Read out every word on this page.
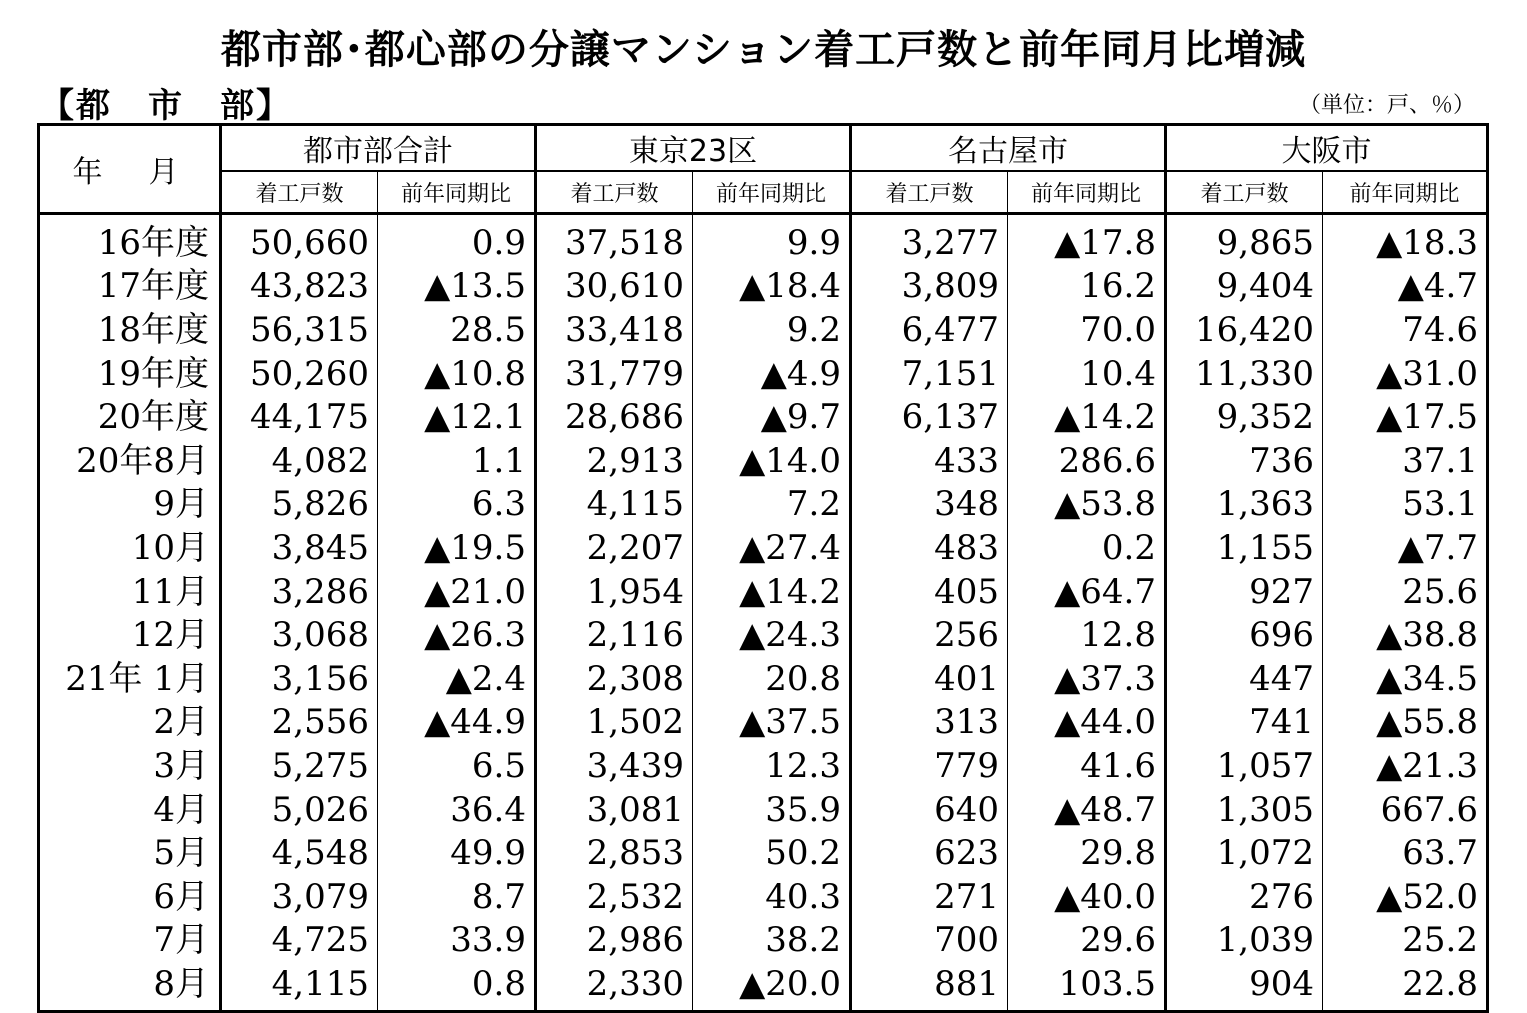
都市部･都心部の分譲マンション着工戸数と前年同月比増減
【都　市　部】	（単位：戸、％）
年　月	都市部合計		東京23区		名古屋市		大阪市	
	着工戸数	前年同期比	着工戸数	前年同期比	着工戸数	前年同期比	着工戸数	前年同期比
16年度	50,660	0.9	37,518	9.9	3,277	▲17.8	9,865	▲18.3
17年度	43,823	▲13.5	30,610	▲18.4	3,809	16.2	9,404	▲4.7
18年度	56,315	28.5	33,418	9.2	6,477	70.0	16,420	74.6
19年度	50,260	▲10.8	31,779	▲4.9	7,151	10.4	11,330	▲31.0
20年度	44,175	▲12.1	28,686	▲9.7	6,137	▲14.2	9,352	▲17.5
20年8月	4,082	1.1	2,913	▲14.0	433	286.6	736	37.1
9月	5,826	6.3	4,115	7.2	348	▲53.8	1,363	53.1
10月	3,845	▲19.5	2,207	▲27.4	483	0.2	1,155	▲7.7
11月	3,286	▲21.0	1,954	▲14.2	405	▲64.7	927	25.6
12月	3,068	▲26.3	2,116	▲24.3	256	12.8	696	▲38.8
21年 1月	3,156	▲2.4	2,308	20.8	401	▲37.3	447	▲34.5
2月	2,556	▲44.9	1,502	▲37.5	313	▲44.0	741	▲55.8
3月	5,275	6.5	3,439	12.3	779	41.6	1,057	▲21.3
4月	5,026	36.4	3,081	35.9	640	▲48.7	1,305	667.6
5月	4,548	49.9	2,853	50.2	623	29.8	1,072	63.7
6月	3,079	8.7	2,532	40.3	271	▲40.0	276	▲52.0
7月	4,725	33.9	2,986	38.2	700	29.6	1,039	25.2
8月	4,115	0.8	2,330	▲20.0	881	103.5	904	22.8
